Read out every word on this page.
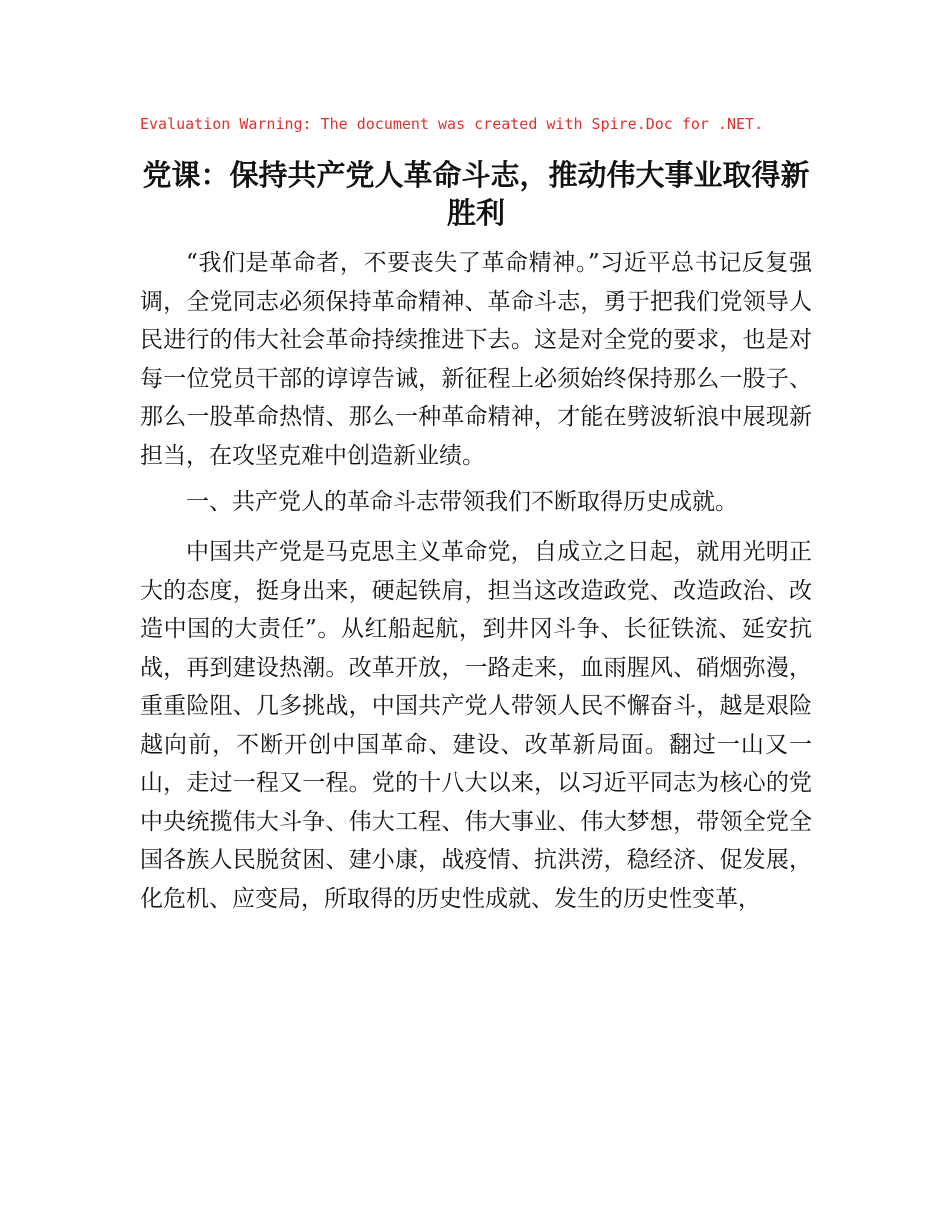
Evaluation Warning: The document was created with Spire.Doc for .NET.
党课：保持共产党人革命斗志，推动伟大事业取得新胜利

“我们是革命者，不要丧失了革命精神。”习近平总书记反复强调，全党同志必须保持革命精神、革命斗志，勇于把我们党领导人民进行的伟大社会革命持续推进下去。这是对全党的要求，也是对每一位党员干部的谆谆告诫，新征程上必须始终保持那么一股子、那么一股革命热情、那么一种革命精神，才能在劈波斩浪中展现新担当，在攻坚克难中创造新业绩。

一、共产党人的革命斗志带领我们不断取得历史成就。

中国共产党是马克思主义革命党，自成立之日起，就用光明正大的态度，挺身出来，硬起铁肩，担当这改造政党、改造政治、改造中国的大责任”。从红船起航，到井冈斗争、长征铁流、延安抗战，再到建设热潮。改革开放，一路走来，血雨腥风、硝烟弥漫，重重险阻、几多挑战，中国共产党人带领人民不懈奋斗，越是艰险越向前，不断开创中国革命、建设、改革新局面。翻过一山又一山，走过一程又一程。党的十八大以来，以习近平同志为核心的党中央统揽伟大斗争、伟大工程、伟大事业、伟大梦想，带领全党全国各族人民脱贫困、建小康，战疫情、抗洪涝，稳经济、促发展，化危机、应变局，所取得的历史性成就、发生的历史性变革，
